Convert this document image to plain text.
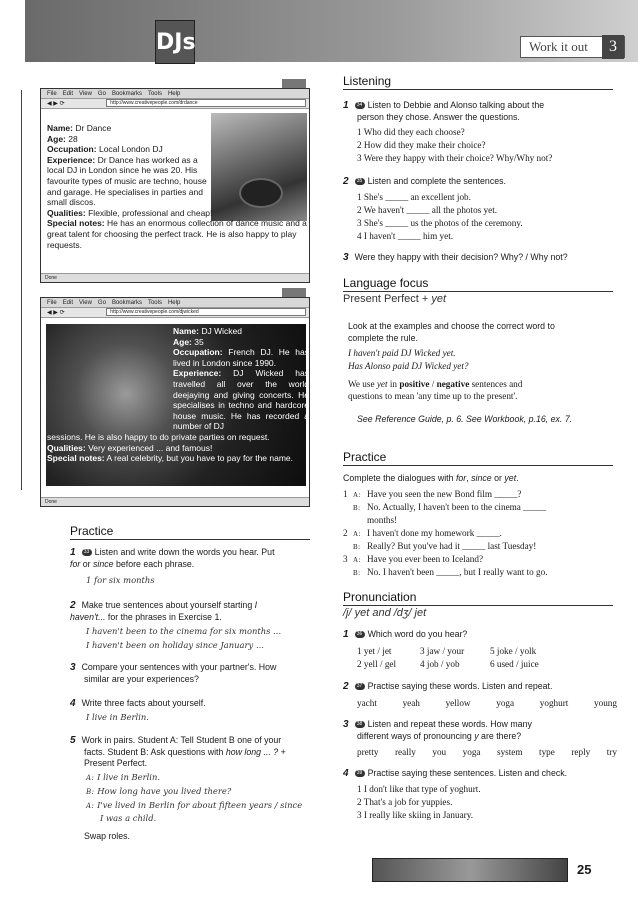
DJs	Work it out	3
File Edit View Go Bookmarks Tools Help
◀ ▶ ⟳	http://www.creativepeople.com/drdance
Name: Dr Dance
Age: 28
Occupation: Local London DJ
Experience: Dr Dance has worked as a local DJ in London since he was 20. His favourite types of music are techno, house and garage. He specialises in parties and small discos.
Qualities: Flexible, professional and cheap!
Special notes: He has an enormous collection of dance music and a great talent for choosing the perfect track. He is also happy to play requests.
Done
File Edit View Go Bookmarks Tools Help
◀ ▶ ⟳	http://www.creativepeople.com/djwicked
Name: DJ Wicked
Age: 35
Occupation: French DJ. He has lived in London since 1990.
Experience: DJ Wicked has travelled all over the world deejaying and giving concerts. He specialises in techno and hardcore house music. He has recorded a number of DJ
sessions. He is also happy to do private parties on request.
Qualities: Very experienced ... and famous!
Special notes: A real celebrity, but you have to pay for the name.
Done
Practice
1 33 Listen and write down the words you hear. Put
for or since before each phrase.
1 for six months
2 Make true sentences about yourself starting I
haven't... for the phrases in Exercise 1.
I haven't been to the cinema for six months ...
I haven't been on holiday since January ...
3 Compare your sentences with your partner's. How
similar are your experiences?
4 Write three facts about yourself.
I live in Berlin.
5 Work in pairs. Student A: Tell Student B one of your
facts. Student B: Ask questions with how long ... ? +
Present Perfect.
A: I live in Berlin.
B: How long have you lived there?
A: I've lived in Berlin for about fifteen years / since
I was a child.
Swap roles.
Listening
1 34 Listen to Debbie and Alonso talking about the
person they chose. Answer the questions.
1 Who did they each choose?
2 How did they make their choice?
3 Were they happy with their choice? Why/Why not?
2 35 Listen and complete the sentences.
1 She's _____ an excellent job.
2 We haven't _____ all the photos yet.
3 She's _____ us the photos of the ceremony.
4 I haven't _____ him yet.
3 Were they happy with their decision? Why? / Why not?
Language focus
Present Perfect + yet
Look at the examples and choose the correct word to
complete the rule.
I haven't paid DJ Wicked yet.
Has Alonso paid DJ Wicked yet?
We use yet in positive / negative sentences and
questions to mean 'any time up to the present'.
See Reference Guide, p. 6. See Workbook, p.16, ex. 7.
Practice
Complete the dialogues with for, since or yet.
1 A: Have you seen the new Bond film _____?
B: No. Actually, I haven't been to the cinema _____
months!
2 A: I haven't done my homework _____.
B: Really? But you've had it _____ last Tuesday!
3 A: Have you ever been to Iceland?
B: No. I haven't been _____, but I really want to go.
Pronunciation
/j/ yet and /dʒ/ jet
1 36 Which word do you hear?
1 yet / jet	3 jaw / your	5 joke / yolk
2 yell / gel	4 job / yob	6 used / juice
2 37 Practise saying these words. Listen and repeat.
yacht	yeah	yellow	yoga	yoghurt	young
3 38 Listen and repeat these words. How many
different ways of pronouncing y are there?
pretty really you yoga system type reply try
4 39 Practise saying these sentences. Listen and check.
1 I don't like that type of yoghurt.
2 That's a job for yuppies.
3 I really like skiing in January.
25
